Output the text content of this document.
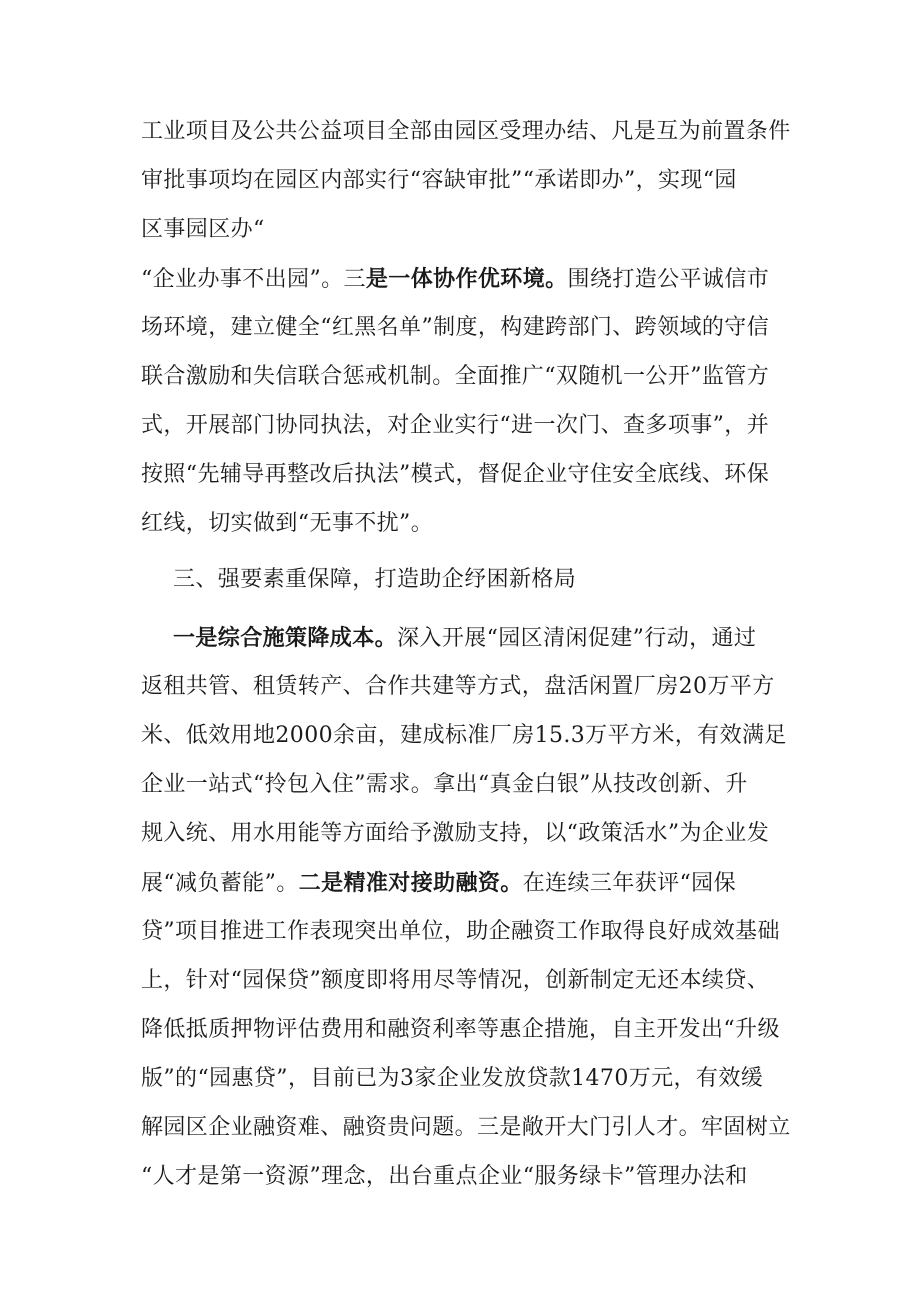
工业项目及公共公益项目全部由园区受理办结、凡是互为前置条件
审批事项均在园区内部实行“容缺审批”“承诺即办”，实现“园
区事园区办“
“企业办事不出园”。三是一体协作优环境。围绕打造公平诚信市
场环境，建立健全“红黑名单”制度，构建跨部门、跨领域的守信
联合激励和失信联合惩戒机制。全面推广“双随机一公开”监管方
式，开展部门协同执法，对企业实行“进一次门、查多项事”，并
按照“先辅导再整改后执法”模式，督促企业守住安全底线、环保
红线，切实做到“无事不扰”。
三、强要素重保障，打造助企纾困新格局
一是综合施策降成本。深入开展“园区清闲促建”行动，通过
返租共管、租赁转产、合作共建等方式，盘活闲置厂房20万平方
米、低效用地2000余亩，建成标准厂房15.3万平方米，有效满足
企业一站式“拎包入住”需求。拿出“真金白银”从技改创新、升
规入统、用水用能等方面给予激励支持，以“政策活水”为企业发
展“减负蓄能”。二是精准对接助融资。在连续三年获评“园保
贷”项目推进工作表现突出单位，助企融资工作取得良好成效基础
上，针对“园保贷”额度即将用尽等情况，创新制定无还本续贷、
降低抵质押物评估费用和融资利率等惠企措施，自主开发出“升级
版”的“园惠贷”，目前已为3家企业发放贷款1470万元，有效缓
解园区企业融资难、融资贵问题。三是敞开大门引人才。牢固树立
“人才是第一资源”理念，出台重点企业“服务绿卡”管理办法和
